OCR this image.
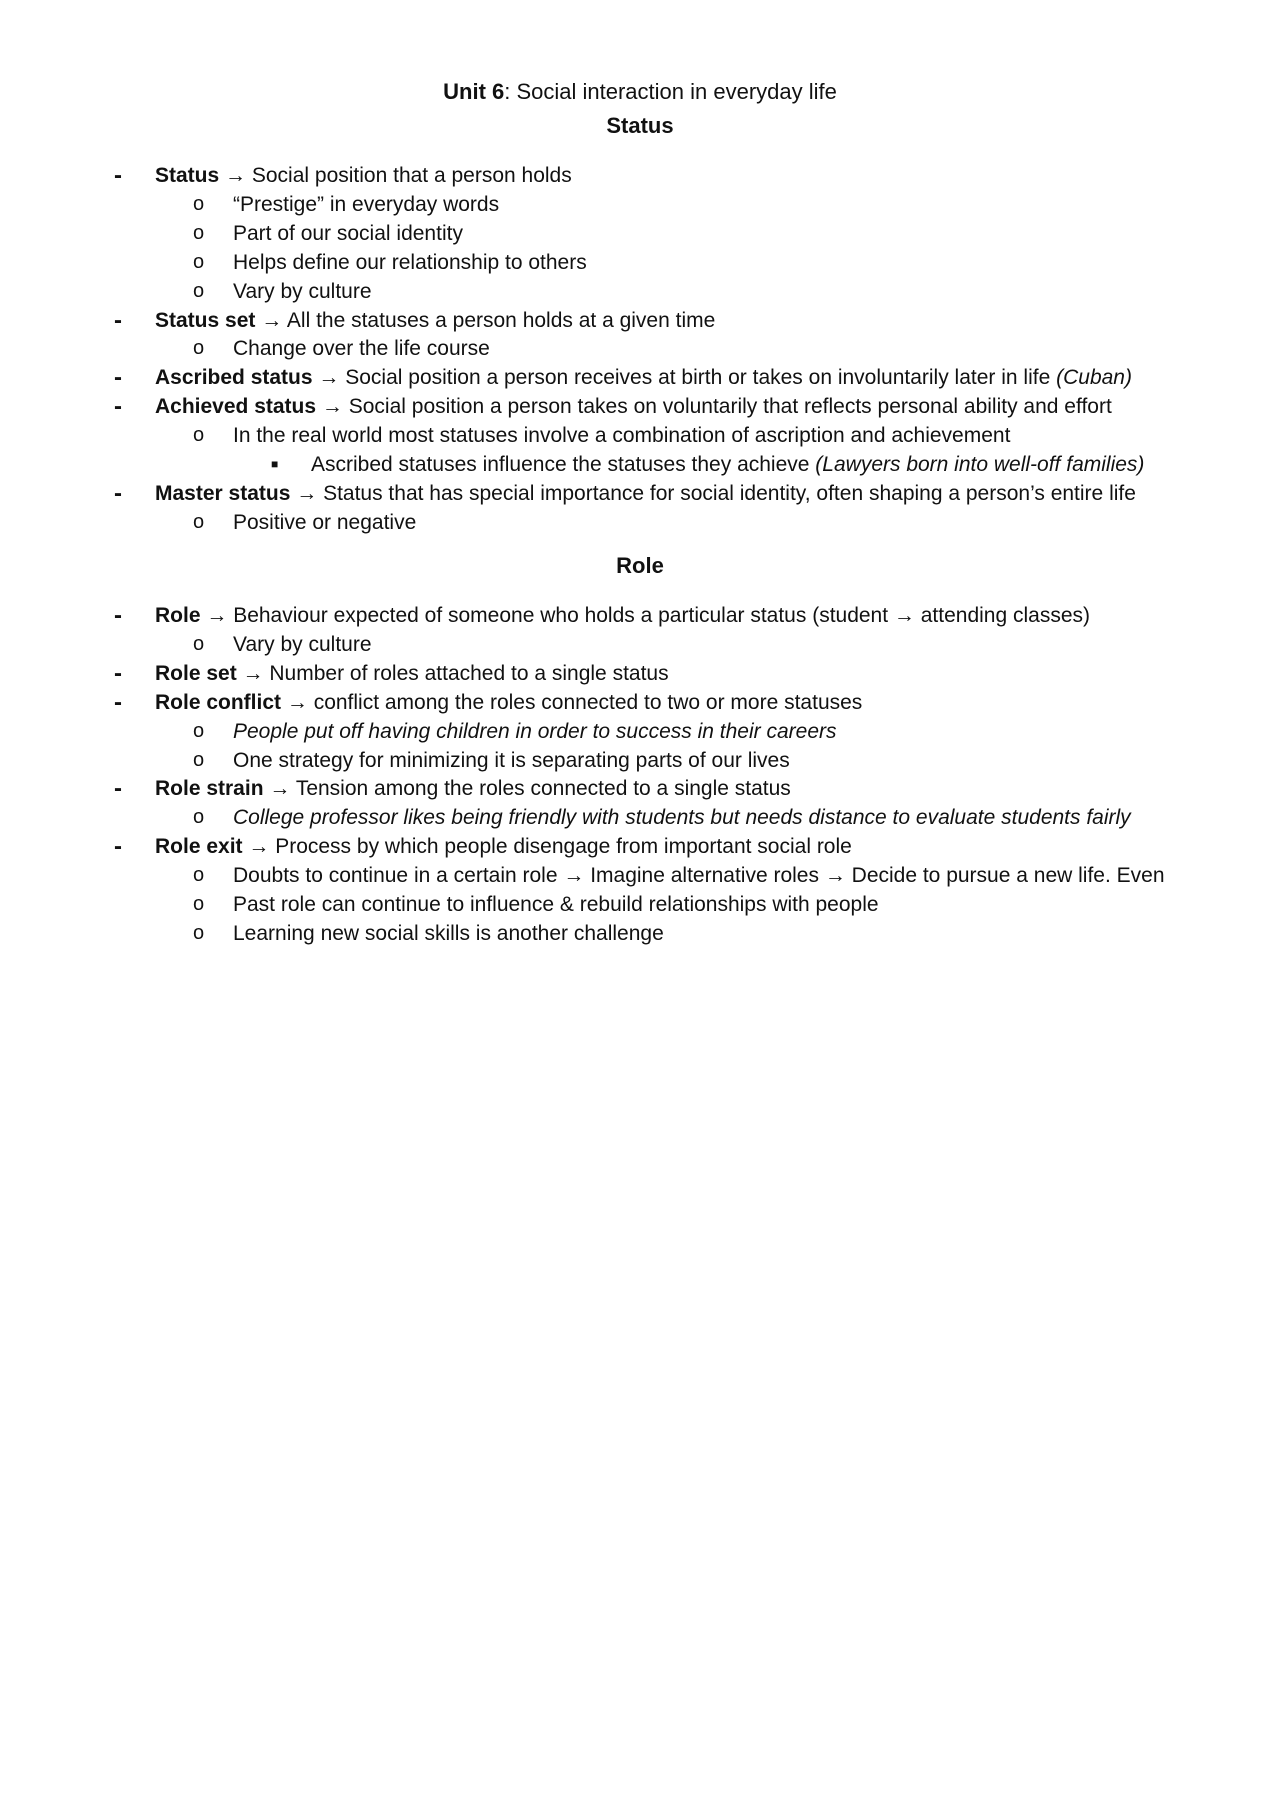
Unit 6: Social interaction in everyday life
Status
- Status → Social position that a person holds
o “Prestige” in everyday words
o Part of our social identity
o Helps define our relationship to others
o Vary by culture
- Status set → All the statuses a person holds at a given time
o Change over the life course
- Ascribed status → Social position a person receives at birth or takes on involuntarily later in life (Cuban)
- Achieved status → Social position a person takes on voluntarily that reflects personal ability and effort
o In the real world most statuses involve a combination of ascription and achievement
■ Ascribed statuses influence the statuses they achieve (Lawyers born into well-off families)
- Master status → Status that has special importance for social identity, often shaping a person’s entire life
o Positive or negative
Role
- Role → Behaviour expected of someone who holds a particular status (student → attending classes)
o Vary by culture
- Role set → Number of roles attached to a single status
- Role conflict → conflict among the roles connected to two or more statuses
o People put off having children in order to success in their careers
o One strategy for minimizing it is separating parts of our lives
- Role strain → Tension among the roles connected to a single status
o College professor likes being friendly with students but needs distance to evaluate students fairly
- Role exit → Process by which people disengage from important social role
o Doubts to continue in a certain role → Imagine alternative roles → Decide to pursue a new life. Even
o Past role can continue to influence & rebuild relationships with people
o Learning new social skills is another challenge
